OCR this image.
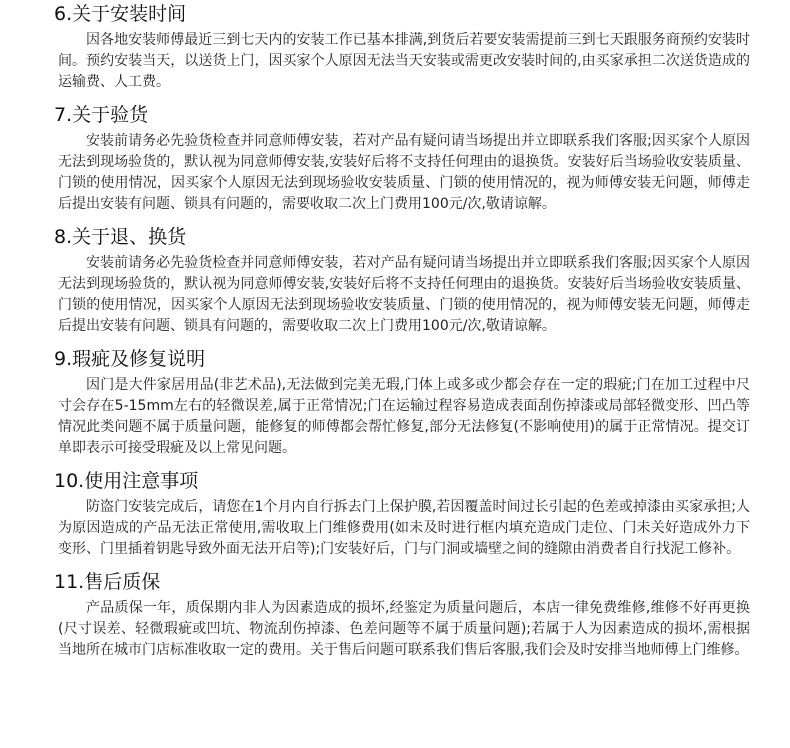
6.关于安装时间

因各地安装师傅最近三到七天内的安装工作已基本排满,到货后若要安装需提前三到七天跟服务商预约安装时间。预约安装当天，以送货上门，因买家个人原因无法当天安装或需更改安装时间的,由买家承担二次送货造成的运输费、人工费。

7.关于验货

安装前请务必先验货检查并同意师傅安装，若对产品有疑问请当场提出并立即联系我们客服;因买家个人原因无法到现场验货的，默认视为同意师傅安装,安装好后将不支持任何理由的退换货。安装好后当场验收安装质量、门锁的使用情况，因买家个人原因无法到现场验收安装质量、门锁的使用情况的，视为师傅安装无问题，师傅走后提出安装有问题、锁具有问题的，需要收取二次上门费用100元/次,敬请谅解。

8.关于退、换货

安装前请务必先验货检查并同意师傅安装，若对产品有疑问请当场提出并立即联系我们客服;因买家个人原因无法到现场验货的，默认视为同意师傅安装,安装好后将不支持任何理由的退换货。安装好后当场验收安装质量、门锁的使用情况，因买家个人原因无法到现场验收安装质量、门锁的使用情况的，视为师傅安装无问题，师傅走后提出安装有问题、锁具有问题的，需要收取二次上门费用100元/次,敬请谅解。

9.瑕疵及修复说明

因门是大件家居用品(非艺术品),无法做到完美无瑕,门体上或多或少都会存在一定的瑕疵;门在加工过程中尺寸会存在5-15mm左右的轻微误差,属于正常情况;门在运输过程容易造成表面刮伤掉漆或局部轻微变形、凹凸等情况此类问题不属于质量问题，能修复的师傅都会帮忙修复,部分无法修复(不影响使用)的属于正常情况。提交订单即表示可接受瑕疵及以上常见问题。

10.使用注意事项

防盗门安装完成后，请您在1个月内自行拆去门上保护膜,若因覆盖时间过长引起的色差或掉漆由买家承担;人为原因造成的产品无法正常使用,需收取上门维修费用(如未及时进行框内填充造成门走位、门未关好造成外力下变形、门里插着钥匙导致外面无法开启等);门安装好后，门与门洞或墙壁之间的缝隙由消费者自行找泥工修补。

11.售后质保

产品质保一年，质保期内非人为因素造成的损坏,经鉴定为质量问题后，本店一律免费维修,维修不好再更换(尺寸误差、轻微瑕疵或凹坑、物流刮伤掉漆、色差问题等不属于质量问题);若属于人为因素造成的损坏,需根据当地所在城市门店标准收取一定的费用。关于售后问题可联系我们售后客服,我们会及时安排当地师傅上门维修。
